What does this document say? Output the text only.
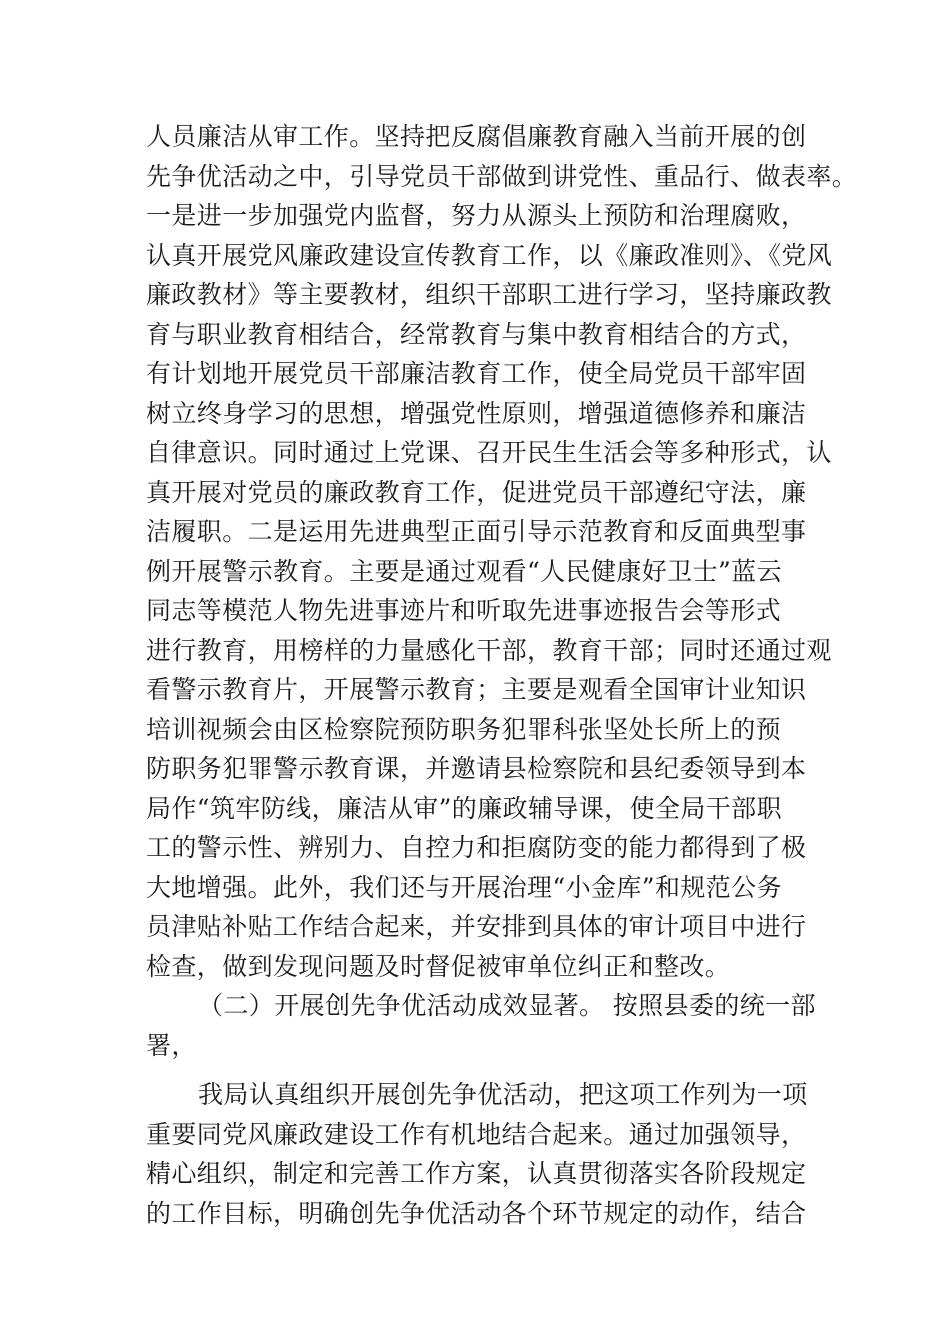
人员廉洁从审工作。坚持把反腐倡廉教育融入当前开展的创
先争优活动之中，引导党员干部做到讲党性、重品行、做表率。
一是进一步加强党内监督，努力从源头上预防和治理腐败，
认真开展党风廉政建设宣传教育工作，以《廉政准则》、《党风
廉政教材》等主要教材，组织干部职工进行学习，坚持廉政教
育与职业教育相结合，经常教育与集中教育相结合的方式，
有计划地开展党员干部廉洁教育工作，使全局党员干部牢固
树立终身学习的思想，增强党性原则，增强道德修养和廉洁
自律意识。同时通过上党课、召开民生生活会等多种形式，认
真开展对党员的廉政教育工作，促进党员干部遵纪守法，廉
洁履职。二是运用先进典型正面引导示范教育和反面典型事
例开展警示教育。主要是通过观看“人民健康好卫士”蓝云
同志等模范人物先进事迹片和听取先进事迹报告会等形式
进行教育，用榜样的力量感化干部，教育干部；同时还通过观
看警示教育片，开展警示教育；主要是观看全国审计业知识
培训视频会由区检察院预防职务犯罪科张坚处长所上的预
防职务犯罪警示教育课，并邀请县检察院和县纪委领导到本
局作“筑牢防线，廉洁从审”的廉政辅导课，使全局干部职
工的警示性、辨别力、自控力和拒腐防变的能力都得到了极
大地增强。此外，我们还与开展治理“小金库”和规范公务
员津贴补贴工作结合起来，并安排到具体的审计项目中进行
检查，做到发现问题及时督促被审单位纠正和整改。
（二）开展创先争优活动成效显著。 按照县委的统一部
署，
我局认真组织开展创先争优活动，把这项工作列为一项
重要同党风廉政建设工作有机地结合起来。通过加强领导，
精心组织，制定和完善工作方案，认真贯彻落实各阶段规定
的工作目标，明确创先争优活动各个环节规定的动作，结合
